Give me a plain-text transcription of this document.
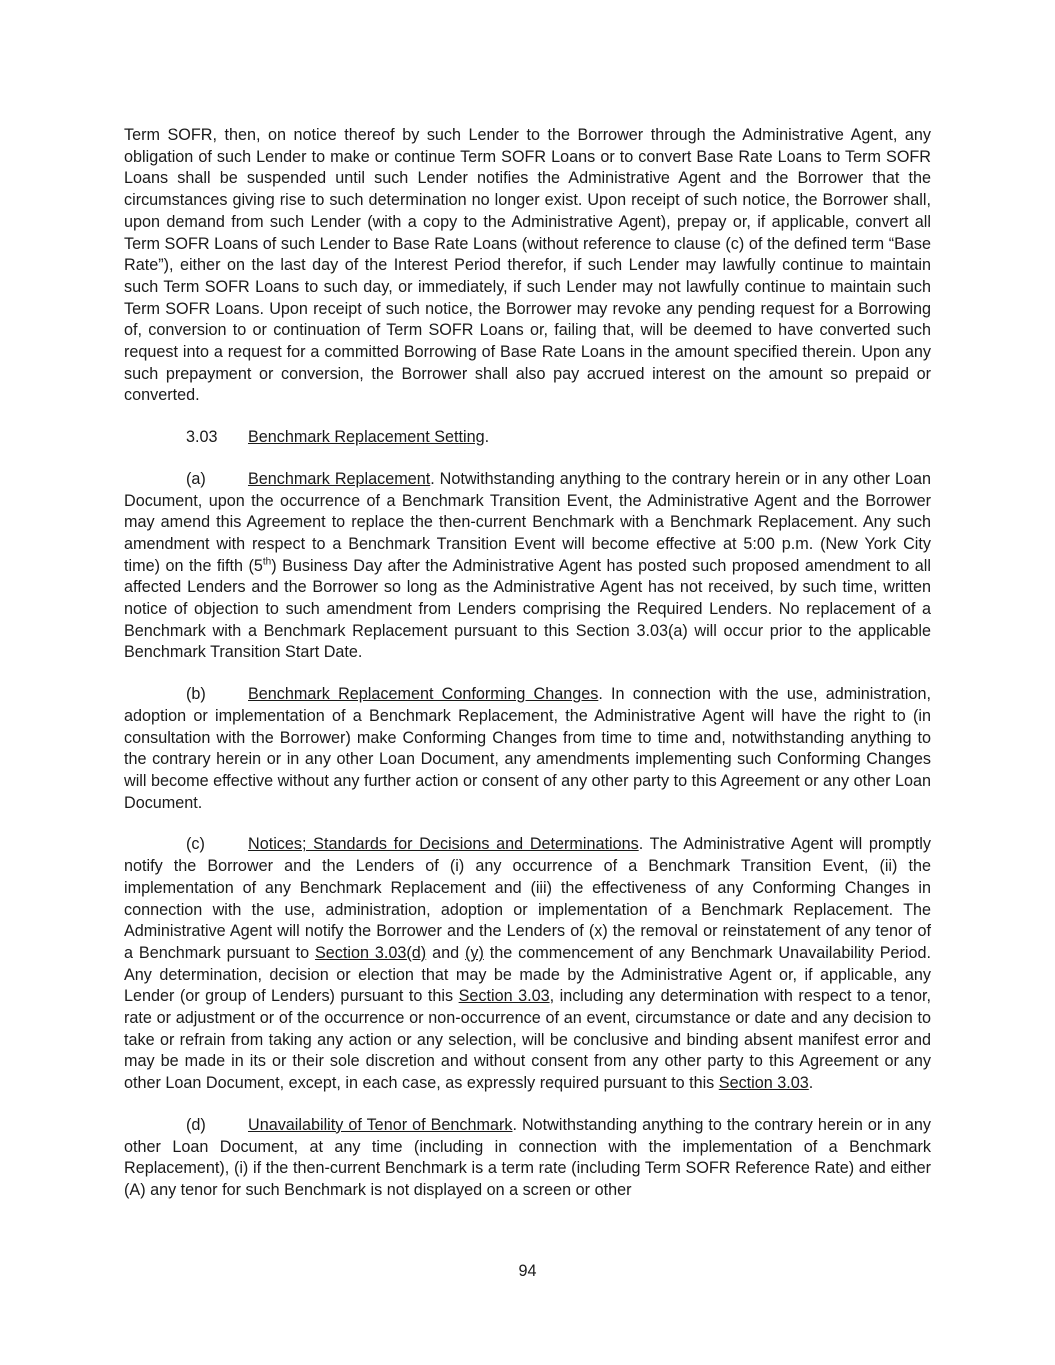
Term SOFR, then, on notice thereof by such Lender to the Borrower through the Administrative Agent, any obligation of such Lender to make or continue Term SOFR Loans or to convert Base Rate Loans to Term SOFR Loans shall be suspended until such Lender notifies the Administrative Agent and the Borrower that the circumstances giving rise to such determination no longer exist. Upon receipt of such notice, the Borrower shall, upon demand from such Lender (with a copy to the Administrative Agent), prepay or, if applicable, convert all Term SOFR Loans of such Lender to Base Rate Loans (without reference to clause (c) of the defined term “Base Rate”), either on the last day of the Interest Period therefor, if such Lender may lawfully continue to maintain such Term SOFR Loans to such day, or immediately, if such Lender may not lawfully continue to maintain such Term SOFR Loans. Upon receipt of such notice, the Borrower may revoke any pending request for a Borrowing of, conversion to or continuation of Term SOFR Loans or, failing that, will be deemed to have converted such request into a request for a committed Borrowing of Base Rate Loans in the amount specified therein. Upon any such prepayment or conversion, the Borrower shall also pay accrued interest on the amount so prepaid or converted.

3.03 Benchmark Replacement Setting.

(a)	Benchmark Replacement. Notwithstanding anything to the contrary herein or in any other Loan Document, upon the occurrence of a Benchmark Transition Event, the Administrative Agent and the Borrower may amend this Agreement to replace the then-current Benchmark with a Benchmark Replacement. Any such amendment with respect to a Benchmark Transition Event will become effective at 5:00 p.m. (New York City time) on the fifth (5th) Business Day after the Administrative Agent has posted such proposed amendment to all affected Lenders and the Borrower so long as the Administrative Agent has not received, by such time, written notice of objection to such amendment from Lenders comprising the Required Lenders. No replacement of a Benchmark with a Benchmark Replacement pursuant to this Section 3.03(a) will occur prior to the applicable Benchmark Transition Start Date.

(b)	Benchmark Replacement Conforming Changes. In connection with the use, administration, adoption or implementation of a Benchmark Replacement, the Administrative Agent will have the right to (in consultation with the Borrower) make Conforming Changes from time to time and, notwithstanding anything to the contrary herein or in any other Loan Document, any amendments implementing such Conforming Changes will become effective without any further action or consent of any other party to this Agreement or any other Loan Document.

(c)	Notices; Standards for Decisions and Determinations. The Administrative Agent will promptly notify the Borrower and the Lenders of (i) any occurrence of a Benchmark Transition Event, (ii) the implementation of any Benchmark Replacement and (iii) the effectiveness of any Conforming Changes in connection with the use, administration, adoption or implementation of a Benchmark Replacement. The Administrative Agent will notify the Borrower and the Lenders of (x) the removal or reinstatement of any tenor of a Benchmark pursuant to Section 3.03(d) and (y) the commencement of any Benchmark Unavailability Period. Any determination, decision or election that may be made by the Administrative Agent or, if applicable, any Lender (or group of Lenders) pursuant to this Section 3.03, including any determination with respect to a tenor, rate or adjustment or of the occurrence or non-occurrence of an event, circumstance or date and any decision to take or refrain from taking any action or any selection, will be conclusive and binding absent manifest error and may be made in its or their sole discretion and without consent from any other party to this Agreement or any other Loan Document, except, in each case, as expressly required pursuant to this Section 3.03.

(d)	Unavailability of Tenor of Benchmark. Notwithstanding anything to the contrary herein or in any other Loan Document, at any time (including in connection with the implementation of a Benchmark Replacement), (i) if the then-current Benchmark is a term rate (including Term SOFR Reference Rate) and either (A) any tenor for such Benchmark is not displayed on a screen or other

94
